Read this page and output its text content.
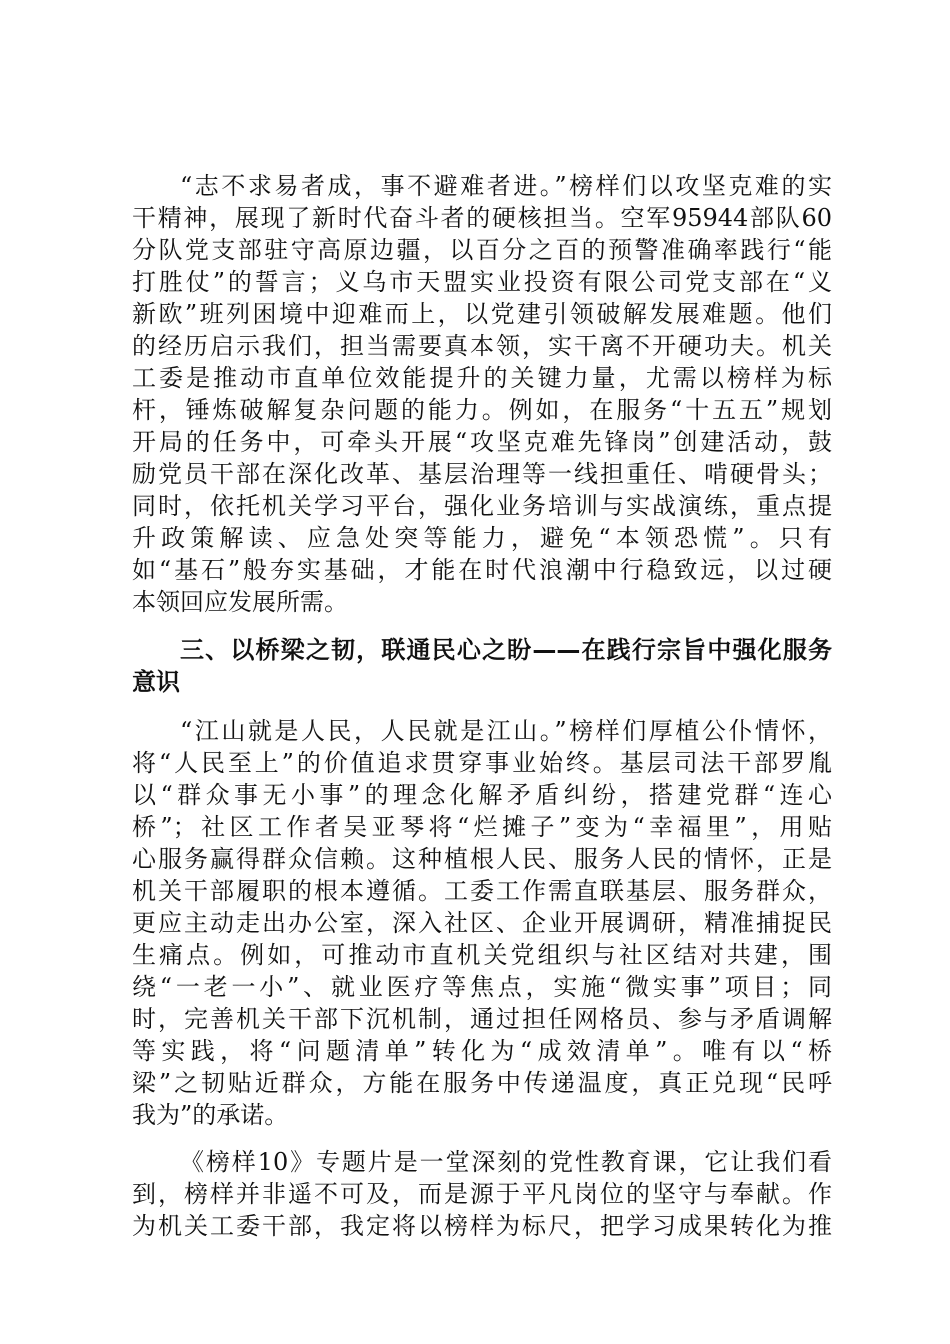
“志不求易者成，事不避难者进。”榜样们以攻坚克难的实
干精神，展现了新时代奋斗者的硬核担当。空军95944部队60
分队党支部驻守高原边疆，以百分之百的预警准确率践行“能
打胜仗”的誓言；义乌市天盟实业投资有限公司党支部在“义
新欧”班列困境中迎难而上，以党建引领破解发展难题。他们
的经历启示我们，担当需要真本领，实干离不开硬功夫。机关
工委是推动市直单位效能提升的关键力量，尤需以榜样为标
杆，锤炼破解复杂问题的能力。例如，在服务“十五五”规划
开局的任务中，可牵头开展“攻坚克难先锋岗”创建活动，鼓
励党员干部在深化改革、基层治理等一线担重任、啃硬骨头；
同时，依托机关学习平台，强化业务培训与实战演练，重点提
升政策解读、应急处突等能力，避免“本领恐慌”。只有
如“基石”般夯实基础，才能在时代浪潮中行稳致远，以过硬
本领回应发展所需。
三、以桥梁之韧，联通民心之盼——在践行宗旨中强化服务
意识
“江山就是人民，人民就是江山。”榜样们厚植公仆情怀，
将“人民至上”的价值追求贯穿事业始终。基层司法干部罗胤
以“群众事无小事”的理念化解矛盾纠纷，搭建党群“连心
桥”；社区工作者吴亚琴将“烂摊子”变为“幸福里”，用贴
心服务赢得群众信赖。这种植根人民、服务人民的情怀，正是
机关干部履职的根本遵循。工委工作需直联基层、服务群众，
更应主动走出办公室，深入社区、企业开展调研，精准捕捉民
生痛点。例如，可推动市直机关党组织与社区结对共建，围
绕“一老一小”、就业医疗等焦点，实施“微实事”项目；同
时，完善机关干部下沉机制，通过担任网格员、参与矛盾调解
等实践，将“问题清单”转化为“成效清单”。唯有以“桥
梁”之韧贴近群众，方能在服务中传递温度，真正兑现“民呼
我为”的承诺。
《榜样10》专题片是一堂深刻的党性教育课，它让我们看
到，榜样并非遥不可及，而是源于平凡岗位的坚守与奉献。作
为机关工委干部，我定将以榜样为标尺，把学习成果转化为推
